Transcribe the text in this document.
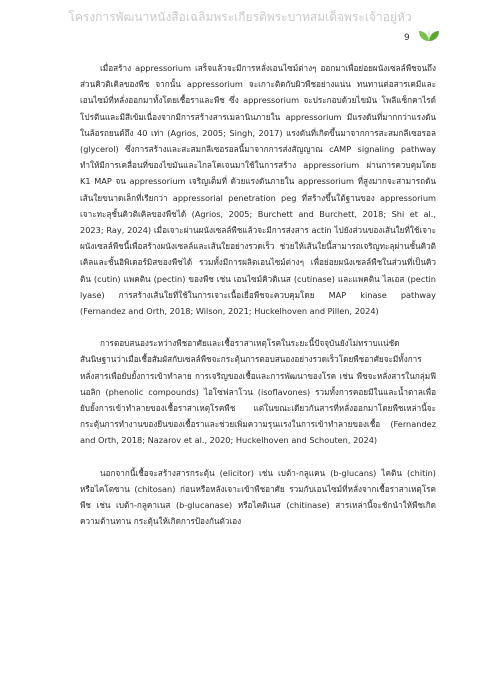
โครงการพัฒนาหนังสือเฉลิมพระเกียรติพระบาทสมเด็จพระเจ้าอยู่หัว
9

เมื่อสร้าง appressorium เสร็จแล้วจะมีการหลั่งเอนไซม์ต่างๆ ออกมาเพื่อย่อยผนังเซลล์พืชจนถึงส่วนคิวติเคิลของพืช จากนั้น appressorium จะเกาะติดกับผิวพืชอย่างแน่น ทนทานต่อสารเคมีและเอนไซม์ที่หลั่งออกมาทั้งโดยเชื้อราและพืช ซึ่ง appressorium จะประกอบด้วยไขมัน โพลีแซ็กคาไรด์โปรตีนและมีสีเข้มเนื่องจากมีการสร้างสารเมลานินภายใน appressorium มีแรงดันที่มากกว่าแรงดันในล้อรถยนต์ถึง 40 เท่า (Agrios, 2005; Singh, 2017) แรงดันที่เกิดขึ้นมาจากการสะสมกลีเซอรอล (glycerol) ซึ่งการสร้างและสะสมกลีเซอรอลนี้มาจากการส่งสัญญาณ cAMP signaling pathway ทำให้มีการเคลื่อนที่ของไขมันและไกลโคเจนมาใช้ในการสร้าง appressorium ผ่านการควบคุมโดย K1 MAP จน appressorium เจริญเต็มที่ ด้วยแรงดันภายใน appressorium ที่สูงมากจะสามารถดันเส้นใยขนาดเล็กที่เรียกว่า appressorial penetration peg ที่สร้างขึ้นใต้ฐานของ appressorium เจาะทะลุชั้นคิวติเคิลของพืชได้ (Agrios, 2005; Burchett and Burchett, 2018; Shi et al., 2023; Ray, 2024) เมื่อเจาะผ่านผนังเซลล์พืชแล้วจะมีการส่งสาร actin ไปยังส่วนของเส้นใยที่ใช้เจาะผนังเซลล์พืชนี้เพื่อสร้างผนังเซลล์และเส้นใยอย่างรวดเร็ว ช่วยให้เส้นใยนี้สามารถเจริญทะลุผ่านชั้นคิวติเคิลและชั้นอิพิเดอร์มิสของพืชได้ รวมทั้งมีการผลิตเอนไซม์ต่างๆ เพื่อย่อยผนังเซลล์พืชในส่วนที่เป็นคิวติน (cutin) แพคติน (pectin) ของพืช เช่น เอนไซม์คิวติเนส (cutinase) และแพคติน ไลเอส (pectin lyase) การสร้างเส้นใยที่ใช้ในการเจาะเนื้อเยื่อพืชจะควบคุมโดย MAP kinase pathway (Fernandez and Orth, 2018; Wilson, 2021; Huckelhoven and Pillen, 2024)

การตอบสนองระหว่างพืชอาศัยและเชื้อราสาเหตุโรคในระยะนี้ปัจจุบันยังไม่ทราบแน่ชัด สันนิษฐานว่าเมื่อเชื้อสัมผัสกับเซลล์พืชจะกระตุ้นการตอบสนองอย่างรวดเร็วโดยพืชอาศัยจะมีทั้งการหลั่งสารเพื่อยับยั้งการเข้าทำลาย การเจริญของเชื้อและการพัฒนาของโรค เช่น พืชจะหลั่งสารในกลุ่มฟีนอลิก (phenolic compounds) ไอโซฟลาโวน (isoflavones) รวมทั้งการคอยมีในและน้ำตาลเพื่อยับยั้งการเข้าทำลายของเชื้อราสาเหตุโรคพืช แต่ในขณะเดียวกันสารที่หลั่งออกมาโดยพืชเหล่านี้จะกระตุ้นการทำงานของยีนของเชื้อราและช่วยเพิ่มความรุนแรงในการเข้าทำลายของเชื้อ (Fernandez and Orth, 2018; Nazarov et al., 2020; Huckelhoven and Schouten, 2024)

นอกจากนี้เชื้อจะสร้างสารกระตุ้น (elicitor) เช่น เบต้า-กลูแคน (b-glucans) ไคติน (chitin) หรือไคโตซาน (chitosan) ก่อนหรือหลังเจาะเข้าพืชอาศัย รวมกับเอนไซม์ที่หลั่งจากเชื้อราสาเหตุโรคพืช เช่น เบต้า-กลูคาเนส (b-glucanase) หรือไคติเนส (chitinase) สารเหล่านี้จะชักนำให้พืชเกิดความต้านทาน กระตุ้นให้เกิดการป้องกันตัวเอง
